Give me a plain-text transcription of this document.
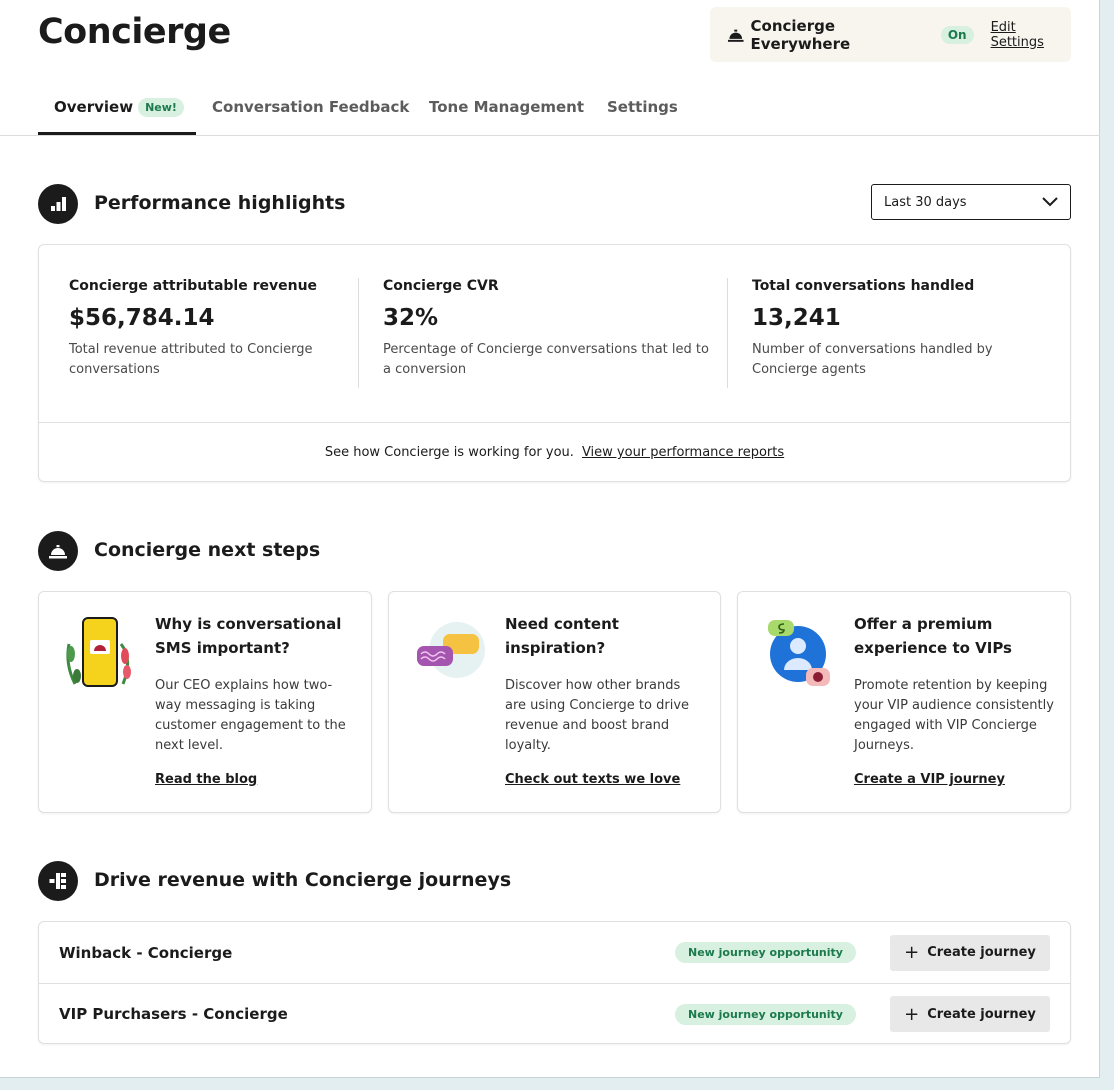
Concierge	Concierge Everywhere	On	Edit Settings
Overview	New!	Conversation Feedback Tone Management Settings
Performance highlights	Last 30 days
Concierge attributable revenue
$56,784.14
Total revenue attributed to Concierge conversations
Concierge CVR
32%
Percentage of Concierge conversations that led to a conversion
Total conversations handled
13,241
Number of conversations handled by Concierge agents
See how Concierge is working for you. View your performance reports
Concierge next steps
Why is conversational SMS important?
Our CEO explains how two-way messaging is taking customer engagement to the next level.
Read the blog
Need content inspiration?
Discover how other brands are using Concierge to drive revenue and boost brand loyalty.
Check out texts we love
Offer a premium experience to VIPs
Promote retention by keeping your VIP audience consistently engaged with VIP Concierge Journeys.
Create a VIP journey
Drive revenue with Concierge journeys
Winback - Concierge	New journey opportunity	+ Create journey
VIP Purchasers - Concierge	New journey opportunity	+ Create journey
